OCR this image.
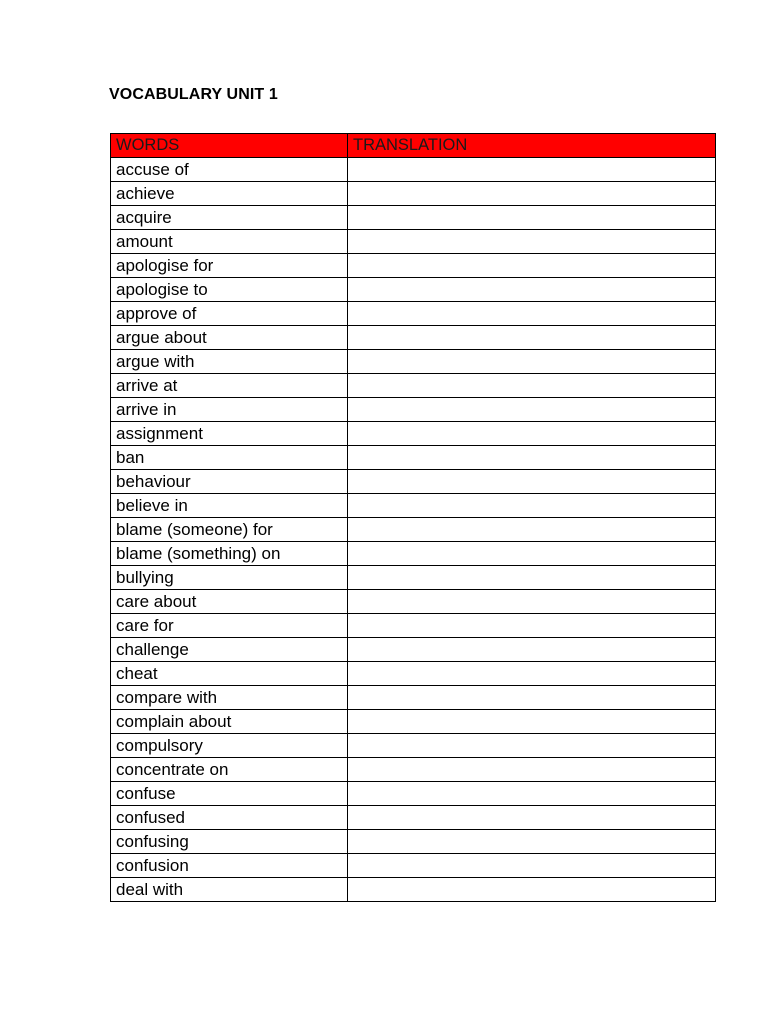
VOCABULARY UNIT 1
WORDS	TRANSLATION
accuse of	
achieve	
acquire	
amount	
apologise for	
apologise to	
approve of	
argue about	
argue with	
arrive at	
arrive in	
assignment	
ban	
behaviour	
believe in	
blame (someone) for	
blame (something) on	
bullying	
care about	
care for	
challenge	
cheat	
compare with	
complain about	
compulsory	
concentrate on	
confuse	
confused	
confusing	
confusion	
deal with	
